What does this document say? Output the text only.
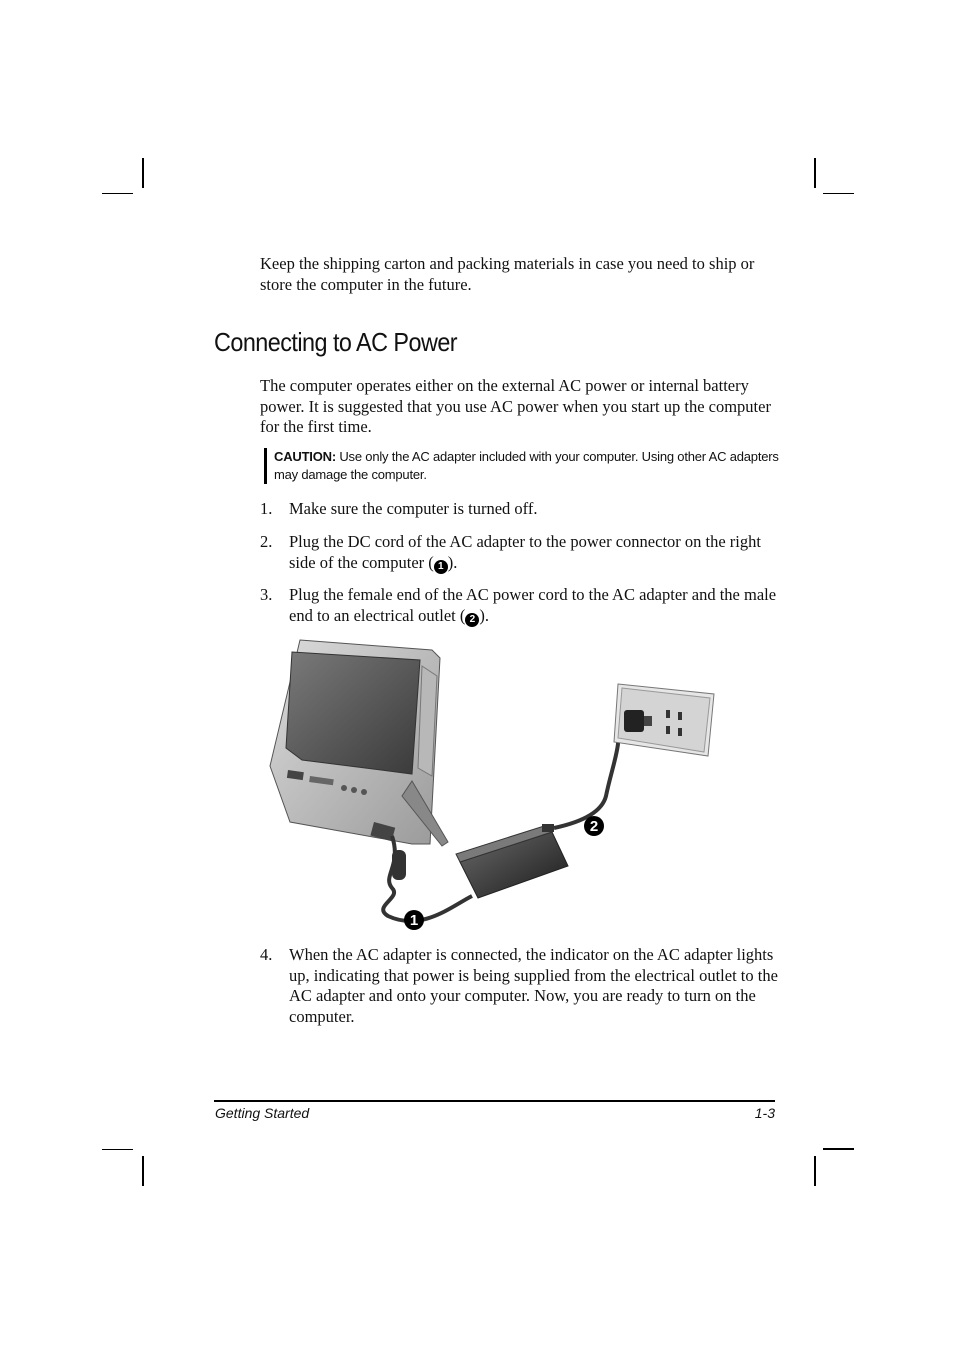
Keep the shipping carton and packing materials in case you need to ship or store the computer in the future.
Connecting to AC Power
The computer operates either on the external AC power or internal battery power. It is suggested that you use AC power when you start up the computer for the first time.
CAUTION: Use only the AC adapter included with your computer. Using other AC adapters may damage the computer.
1. Make sure the computer is turned off.
2. Plug the DC cord of the AC adapter to the power connector on the right side of the computer ( 1 ).
3. Plug the female end of the AC power cord to the AC adapter and the male end to an electrical outlet ( 2 ).
1
2
4. When the AC adapter is connected, the indicator on the AC adapter lights up, indicating that power is being supplied from the electrical outlet to the AC adapter and onto your computer. Now, you are ready to turn on the computer.
Getting Started	1-3
